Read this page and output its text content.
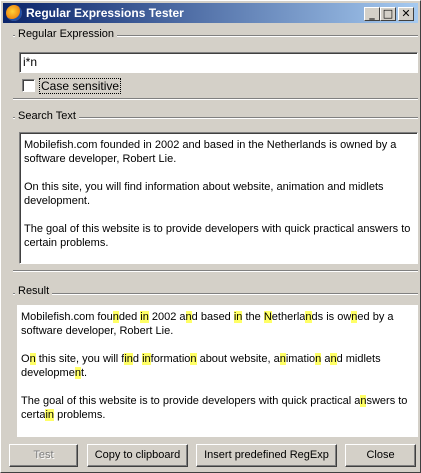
Regular Expressions Tester	_ □ ✕
Regular Expression
i*n
Case sensitive
Search Text

Mobilefish.com founded in 2002 and based in the Netherlands is owned by a software developer, Robert Lie.

On this site, you will find information about website, animation and midlets development.

The goal of this website is to provide developers with quick practical answers to certain problems.

Result

Mobilefish.com founded in 2002 and based in the Netherlands is owned by a software developer, Robert Lie.

On this site, you will find information about website, animation and midlets development.

The goal of this website is to provide developers with quick practical answers to certain problems.

Test	Copy to clipboard	Insert predefined RegExp	Close
